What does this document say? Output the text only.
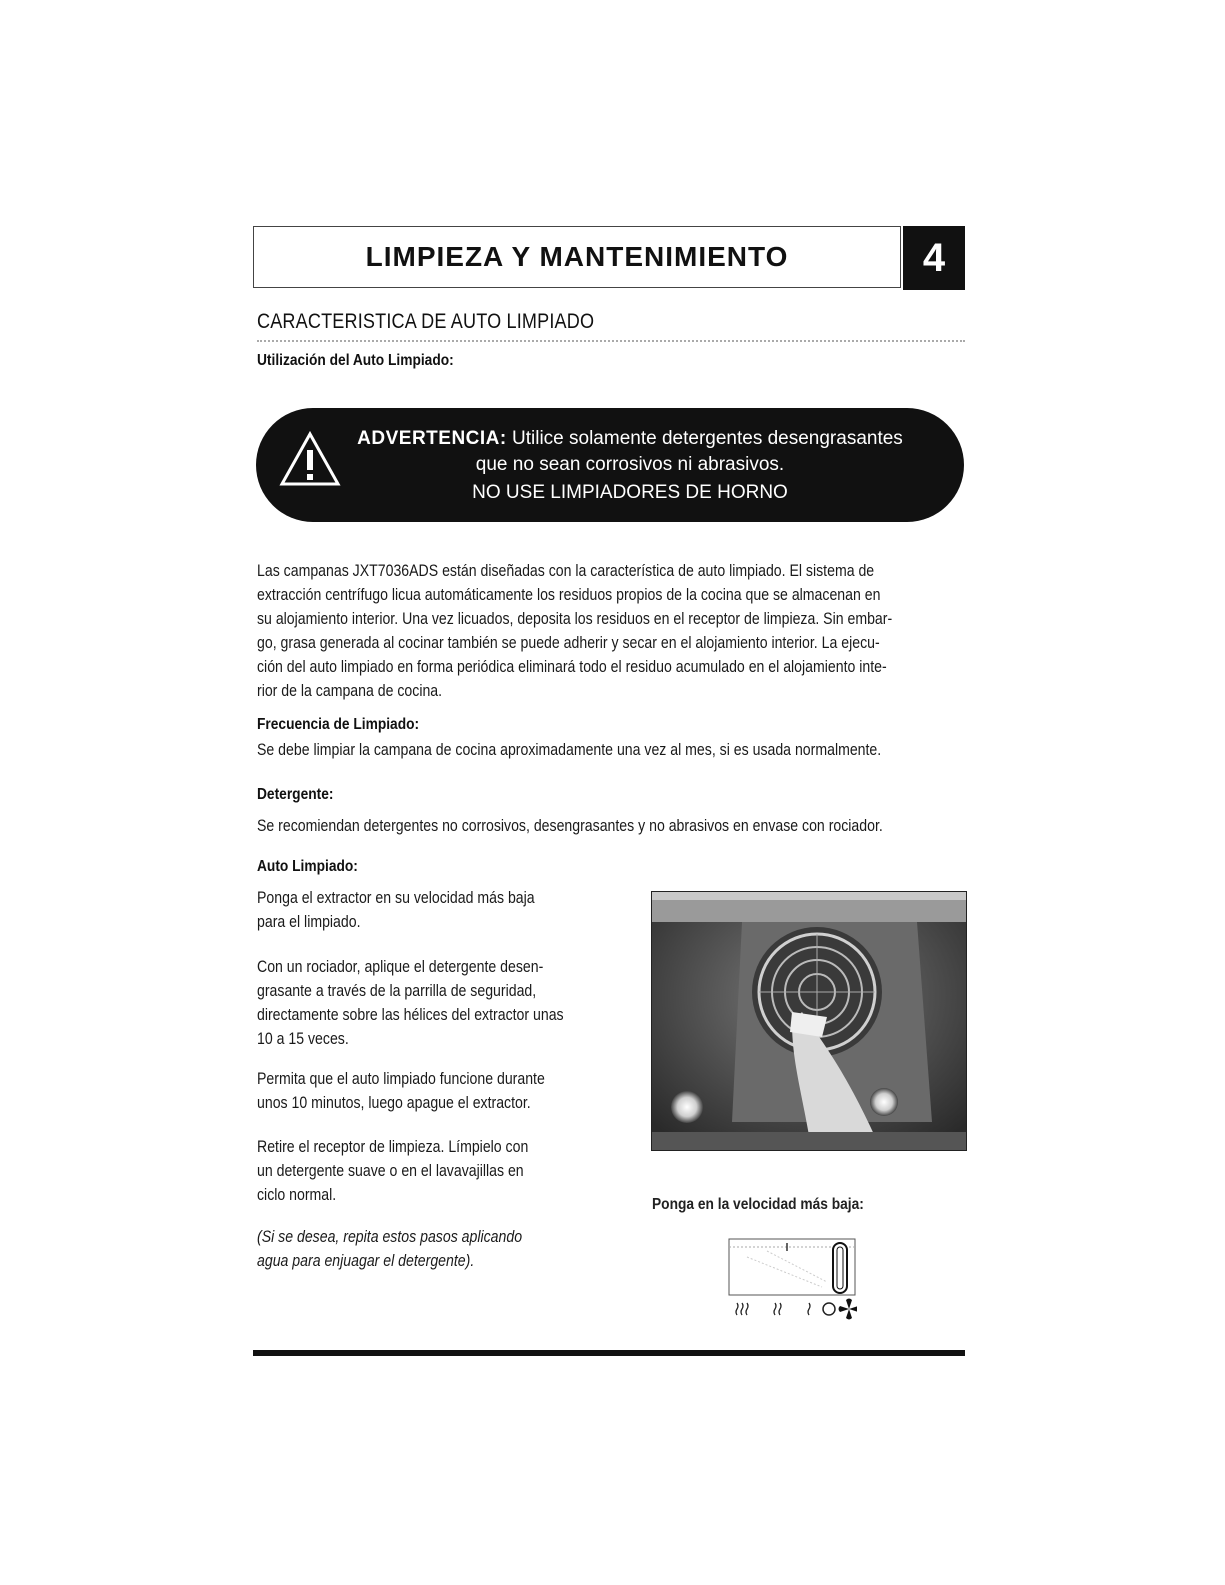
LIMPIEZA Y MANTENIMIENTO	4
CARACTERISTICA DE AUTO LIMPIADO
Utilización del Auto Limpiado:
ADVERTENCIA: Utilice solamente detergentes desengrasantes
que no sean corrosivos ni abrasivos.
NO USE LIMPIADORES DE HORNO
Las campanas JXT7036ADS están diseñadas con la característica de auto limpiado. El sistema de
extracción centrífugo licua automáticamente los residuos propios de la cocina que se almacenan en
su alojamiento interior. Una vez licuados, deposita los residuos en el receptor de limpieza. Sin embar-
go, grasa generada al cocinar también se puede adherir y secar en el alojamiento interior. La ejecu-
ción del auto limpiado en forma periódica eliminará todo el residuo acumulado en el alojamiento inte-
rior de la campana de cocina.
Frecuencia de Limpiado:
Se debe limpiar la campana de cocina aproximadamente una vez al mes, si es usada normalmente.
Detergente:
Se recomiendan detergentes no corrosivos, desengrasantes y no abrasivos en envase con rociador.
Auto Limpiado:
Ponga el extractor en su velocidad más baja
para el limpiado.
Con un rociador, aplique el detergente desen-
grasante a través de la parrilla de seguridad,
directamente sobre las hélices del extractor unas
10 a 15 veces.
Permita que el auto limpiado funcione durante
unos 10 minutos, luego apague el extractor.
Retire el receptor de limpieza. Límpielo con
un detergente suave o en el lavavajillas en
ciclo normal.
(Si se desea, repita estos pasos aplicando
agua para enjuagar el detergente).
Ponga en la velocidad más baja:
